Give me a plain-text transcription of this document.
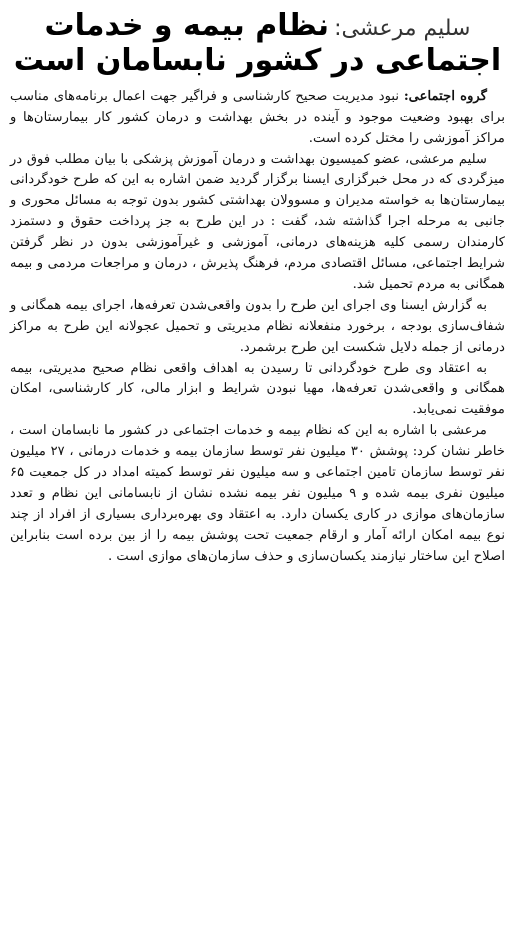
سلیم مرعشی: نظام بیمه و خدمات
اجتماعی در کشور نابسامان است

گروه اجتماعی: نبود مدیریت صحیح کارشناسی و فراگیر جهت اعمال برنامه‌های مناسب برای بهبود وضعیت موجود و آینده در بخش بهداشت و درمان کشور کار بیمارستان‌ها و مراکز آموزشی را مختل کرده است.

سلیم مرعشی، عضو کمیسیون بهداشت و درمان آموزش پزشکی با بیان مطلب فوق در میزگردی که در محل خبرگزاری ایسنا برگزار گردید ضمن اشاره به این که طرح خودگردانی بیمارستان‌ها به خواسته مدیران و مسوولان بهداشتی کشور بدون توجه به مسائل محوری و جانبی به مرحله اجرا گذاشته شد، گفت : در این طرح به جز پرداخت حقوق و دستمزد کارمندان رسمی کلیه هزینه‌های درمانی، آموزشی و غیرآموزشی بدون در نظر گرفتن شرایط اجتماعی، مسائل اقتصادی مردم، فرهنگ پذیرش ، درمان و مراجعات مردمی و بیمه همگانی به مردم تحمیل شد.

به گزارش ایسنا وی اجرای این طرح را بدون واقعی‌شدن تعرفه‌ها، اجرای بیمه همگانی و شفاف‌سازی بودجه ، برخورد منفعلانه نظام مدیریتی و تحمیل عجولانه این طرح به مراکز درمانی از جمله دلایل شکست این طرح برشمرد.

به اعتقاد وی طرح خودگردانی تا رسیدن به اهداف واقعی نظام صحیح مدیریتی، بیمه همگانی و واقعی‌شدن تعرفه‌ها، مهیا نبودن شرایط و ابزار مالی، کار کارشناسی، امکان موفقیت نمی‌یابد.

مرعشی با اشاره به این که نظام بیمه و خدمات اجتماعی در کشور ما نابسامان است ، خاطر نشان کرد: پوشش ۳۰ میلیون نفر توسط سازمان بیمه و خدمات درمانی ، ۲۷ میلیون نفر توسط سازمان تامین اجتماعی و سه میلیون نفر توسط کمیته امداد در کل جمعیت ۶۵ میلیون نفری بیمه شده و ۹ میلیون نفر بیمه نشده نشان از نابسامانی این نظام و تعدد سازمان‌های موازی در کاری یکسان دارد. به اعتقاد وی بهره‌برداری بسیاری از افراد از چند نوع بیمه امکان ارائه آمار و ارقام جمعیت تحت پوشش بیمه را از بین برده است بنابراین اصلاح این ساختار نیازمند یکسان‌سازی و حذف سازمان‌های موازی است .
